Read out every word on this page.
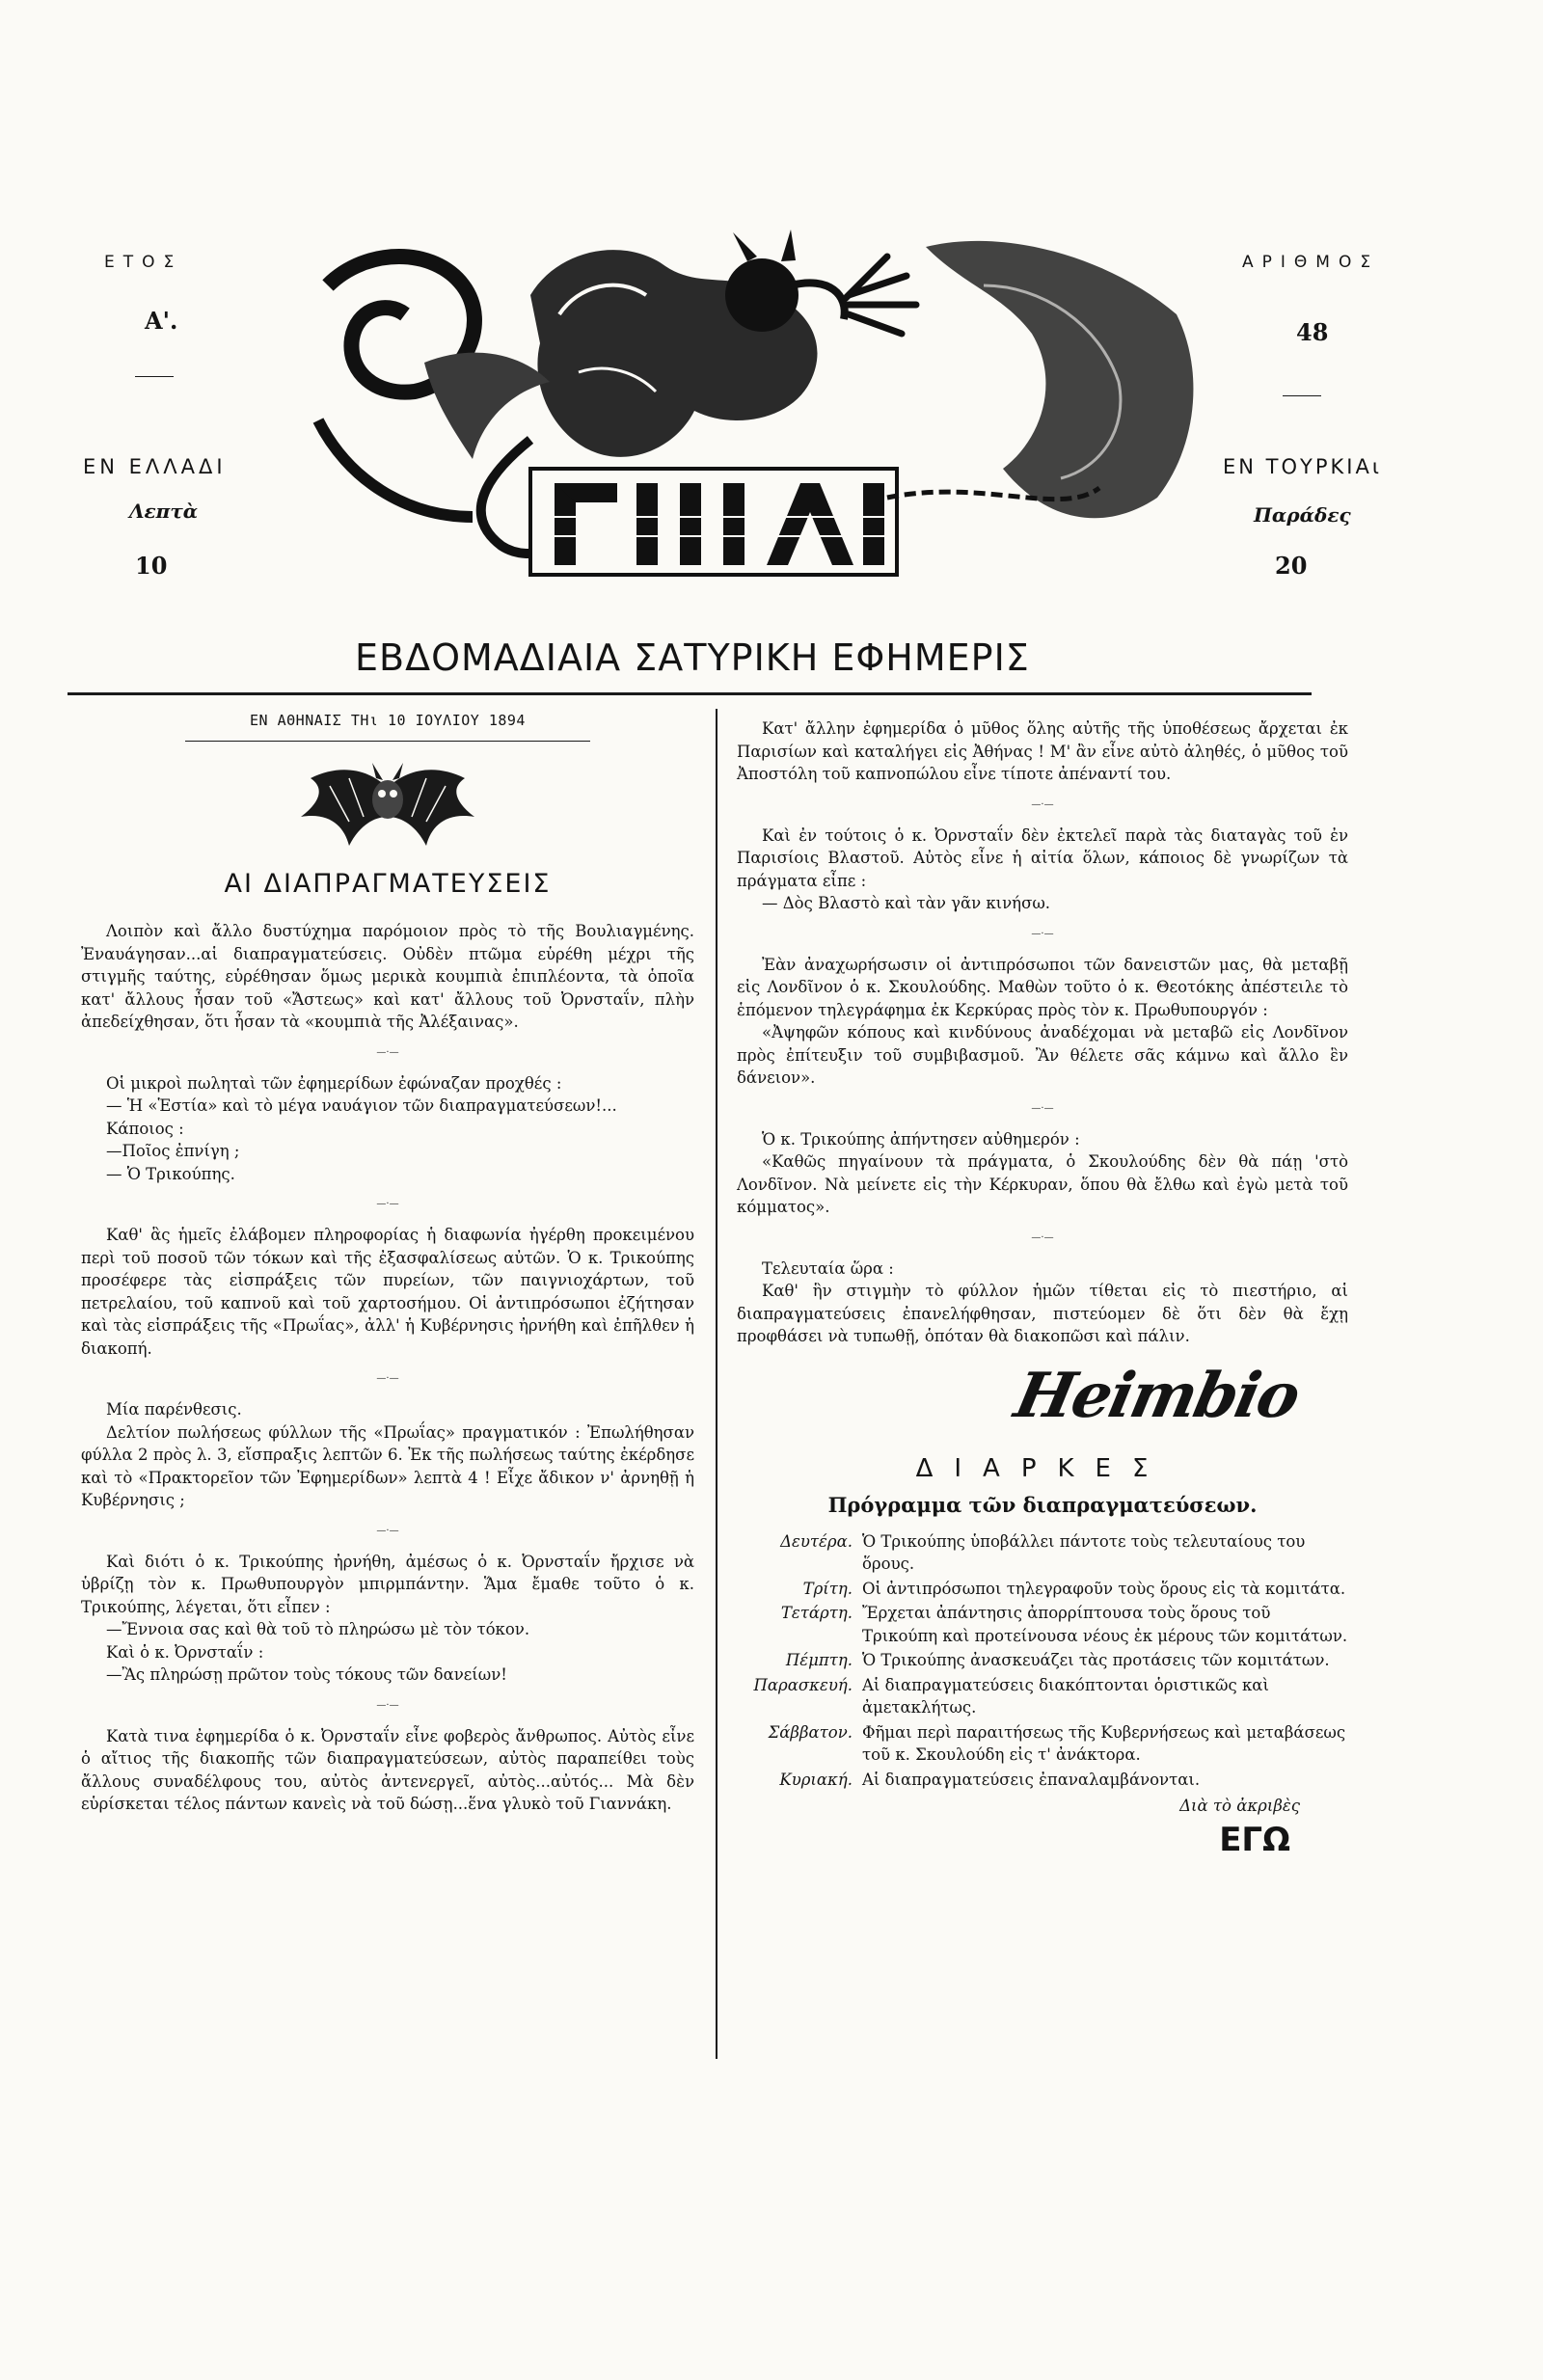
ΕΤΟΣ
Α'.
ΕΝ ΕΛΛΑΔΙ
Λεπτὰ
10
ΑΡΙΘΜΟΣ
48
ΕΝ ΤΟΥΡΚΙΑι
Παράδες
20
ΕΒΔΟΜΑΔΙΑΙΑ ΣΑΤΥΡΙΚΗ ΕΦΗΜΕΡΙΣ
ΕΝ ΑΘΗΝΑΙΣ ΤΗι 10 ΙΟΥΛΙΟΥ 1894
ΑΙ ΔΙΑΠΡΑΓΜΑΤΕΥΣΕΙΣ

Λοιπὸν καὶ ἄλλο δυστύχημα παρόμοιον πρὸς τὸ τῆς Βουλιαγμένης. Ἐναυάγησαν...αἱ διαπραγματεύσεις. Οὐδὲν πτῶμα εὑρέθη μέχρι τῆς στιγμῆς ταύτης, εὑρέθησαν ὅμως μερικὰ κουμπιὰ ἐπιπλέοντα, τὰ ὁποῖα κατ' ἄλλους ἦσαν τοῦ «Ἄστεως» καὶ κατ' ἄλλους τοῦ Ὀρνσταΐν, πλὴν ἀπεδείχθησαν, ὅτι ἦσαν τὰ «κουμπιὰ τῆς Ἀλέξαινας».

—·—

Οἱ μικροὶ πωληταὶ τῶν ἐφημερίδων ἐφώναζαν προχθές :

— Ἡ «Ἑστία» καὶ τὸ μέγα ναυάγιον τῶν διαπραγματεύσεων!...

Κάποιος :

—Ποῖος ἐπνίγη ;

— Ὁ Τρικούπης.

—·—

Καθ' ἃς ἡμεῖς ἐλάβομεν πληροφορίας ἡ διαφωνία ἠγέρθη προκειμένου περὶ τοῦ ποσοῦ τῶν τόκων καὶ τῆς ἐξασφαλίσεως αὐτῶν. Ὁ κ. Τρικούπης προσέφερε τὰς εἰσπράξεις τῶν πυρείων, τῶν παιγνιοχάρτων, τοῦ πετρελαίου, τοῦ καπνοῦ καὶ τοῦ χαρτοσήμου. Οἱ ἀντιπρόσωποι ἐζήτησαν καὶ τὰς εἰσπράξεις τῆς «Πρωΐας», ἀλλ' ἡ Κυβέρνησις ἠρνήθη καὶ ἐπῆλθεν ἡ διακοπή.

—·—

Μία παρένθεσις.

Δελτίον πωλήσεως φύλλων τῆς «Πρωΐας» πραγματικόν : Ἐπωλήθησαν φύλλα 2 πρὸς λ. 3, εἴσπραξις λεπτῶν 6. Ἐκ τῆς πωλήσεως ταύτης ἐκέρδησε καὶ τὸ «Πρακτορεῖον τῶν Ἐφημερίδων» λεπτὰ 4 ! Εἶχε ἄδικον ν' ἀρνηθῇ ἡ Κυβέρνησις ;

—·—

Καὶ διότι ὁ κ. Τρικούπης ἠρνήθη, ἀμέσως ὁ κ. Ὀρνσταΐν ἤρχισε νὰ ὑβρίζῃ τὸν κ. Πρωθυπουργὸν μπιρμπάντην. Ἅμα ἔμαθε τοῦτο ὁ κ. Τρικούπης, λέγεται, ὅτι εἶπεν :

—Ἔννοια σας καὶ θὰ τοῦ τὸ πληρώσω μὲ τὸν τόκον.

Καὶ ὁ κ. Ὀρνσταΐν :

—Ἂς πληρώσῃ πρῶτον τοὺς τόκους τῶν δανείων!

—·—

Κατὰ τινα ἐφημερίδα ὁ κ. Ὀρνσταΐν εἶνε φοβερὸς ἄνθρωπος. Αὐτὸς εἶνε ὁ αἴτιος τῆς διακοπῆς τῶν διαπραγματεύσεων, αὐτὸς παραπείθει τοὺς ἄλλους συναδέλφους του, αὐτὸς ἀντενεργεῖ, αὐτὸς...αὐτός... Μὰ δὲν εὑρίσκεται τέλος πάντων κανεὶς νὰ τοῦ δώσῃ...ἕνα γλυκὸ τοῦ Γιαννάκη.

Κατ' ἄλλην ἐφημερίδα ὁ μῦθος ὅλης αὐτῆς τῆς ὑποθέσεως ἄρχεται ἐκ Παρισίων καὶ καταλήγει εἰς Ἀθήνας ! Μ' ἂν εἶνε αὐτὸ ἀληθές, ὁ μῦθος τοῦ Ἀποστόλη τοῦ καπνοπώλου εἶνε τίποτε ἀπέναντί του.

—·—

Καὶ ἐν τούτοις ὁ κ. Ὀρνσταΐν δὲν ἐκτελεῖ παρὰ τὰς διαταγὰς τοῦ ἐν Παρισίοις Βλαστοῦ. Αὐτὸς εἶνε ἡ αἰτία ὅλων, κάποιος δὲ γνωρίζων τὰ πράγματα εἶπε :

— Δὸς Βλαστὸ καὶ τὰν γᾶν κινήσω.

—·—

Ἐὰν ἀναχωρήσωσιν οἱ ἀντιπρόσωποι τῶν δανειστῶν μας, θὰ μεταβῇ εἰς Λονδῖνον ὁ κ. Σκουλούδης. Μαθὼν τοῦτο ὁ κ. Θεοτόκης ἀπέστειλε τὸ ἑπόμενον τηλεγράφημα ἐκ Κερκύρας πρὸς τὸν κ. Πρωθυπουργόν :

«Ἀψηφῶν κόπους καὶ κινδύνους ἀναδέχομαι νὰ μεταβῶ εἰς Λονδῖνον πρὸς ἐπίτευξιν τοῦ συμβιβασμοῦ. Ἂν θέλετε σᾶς κάμνω καὶ ἄλλο ἓν δάνειον».

—·—

Ὁ κ. Τρικούπης ἀπήντησεν αὐθημερόν :

«Καθῶς πηγαίνουν τὰ πράγματα, ὁ Σκουλούδης δὲν θὰ πάῃ 'στὸ Λονδῖνον. Νὰ μείνετε εἰς τὴν Κέρκυραν, ὅπου θὰ ἔλθω καὶ ἐγὼ μετὰ τοῦ κόμματος».

—·—

Τελευταία ὥρα :

Καθ' ἣν στιγμὴν τὸ φύλλον ἡμῶν τίθεται εἰς τὸ πιεστήριο, αἱ διαπραγματεύσεις ἐπανελήφθησαν, πιστεύομεν δὲ ὅτι δὲν θὰ ἔχῃ προφθάσει νὰ τυπωθῇ, ὁπόταν θὰ διακοπῶσι καὶ πάλιν.

Heimbio
ΔΙΑΡΚΕΣ
Πρόγραμμα τῶν διαπραγματεύσεων.
Δευτέρα. Ὁ Τρικούπης ὑποβάλλει πάντοτε τοὺς τελευταίους του ὅρους.
Τρίτη. Οἱ ἀντιπρόσωποι τηλεγραφοῦν τοὺς ὅρους εἰς τὰ κομιτάτα.
Τετάρτη. Ἔρχεται ἀπάντησις ἀπορρίπτουσα τοὺς ὅρους τοῦ Τρικούπη καὶ προτείνουσα νέους ἐκ μέρους τῶν κομιτάτων.
Πέμπτη. Ὁ Τρικούπης ἀνασκευάζει τὰς προτάσεις τῶν κομιτάτων.
Παρασκευή. Αἱ διαπραγματεύσεις διακόπτονται ὁριστικῶς καὶ ἀμετακλήτως.
Σάββατον. Φῆμαι περὶ παραιτήσεως τῆς Κυβερνήσεως καὶ μεταβάσεως τοῦ κ. Σκουλούδη εἰς τ' ἀνάκτορα.
Κυριακή. Αἱ διαπραγματεύσεις ἐπαναλαμβάνονται.
Διὰ τὸ ἀκριβὲς
ΕΓΩ
